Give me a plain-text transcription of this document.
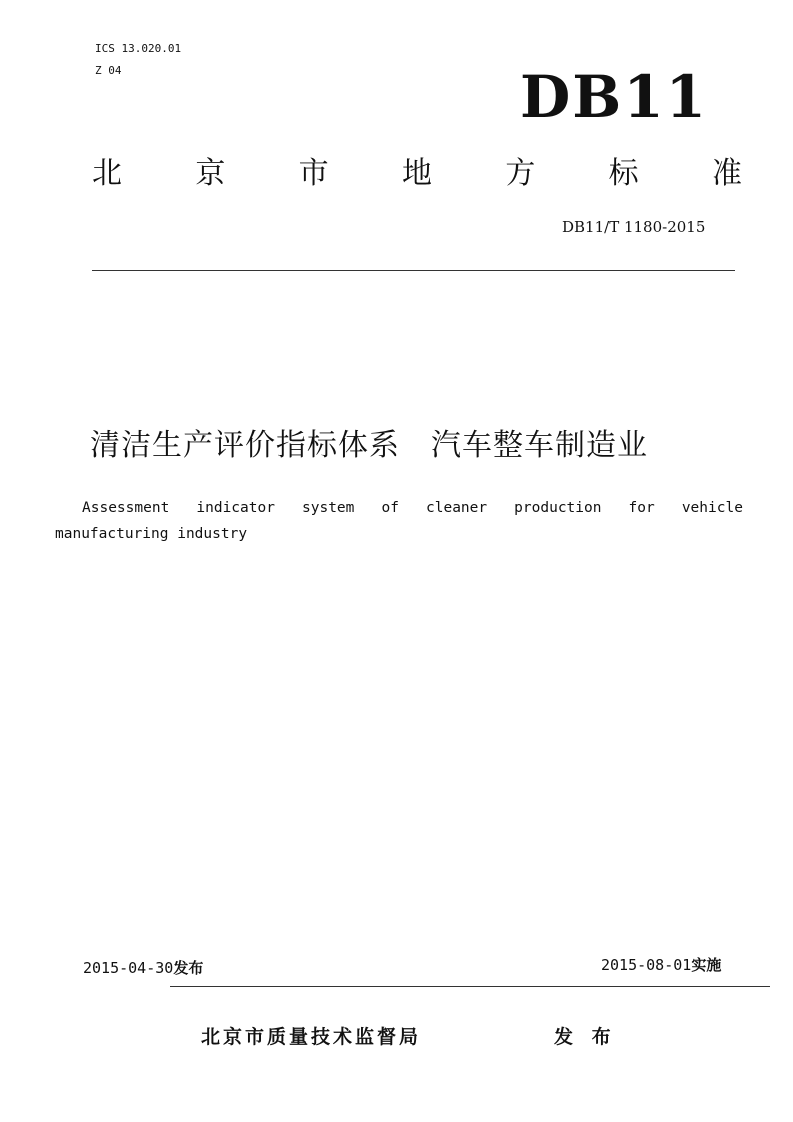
ICS 13.020.01
Z 04	DB11
北 京 市 地 方 标 准
DB11/T 1180-2015
清洁生产评价指标体系　汽车整车制造业
Assessment indicator system of cleaner production for vehicle
manufacturing industry
2015-04-30发布	2015-08-01实施
北京市质量技术监督局	发 布
